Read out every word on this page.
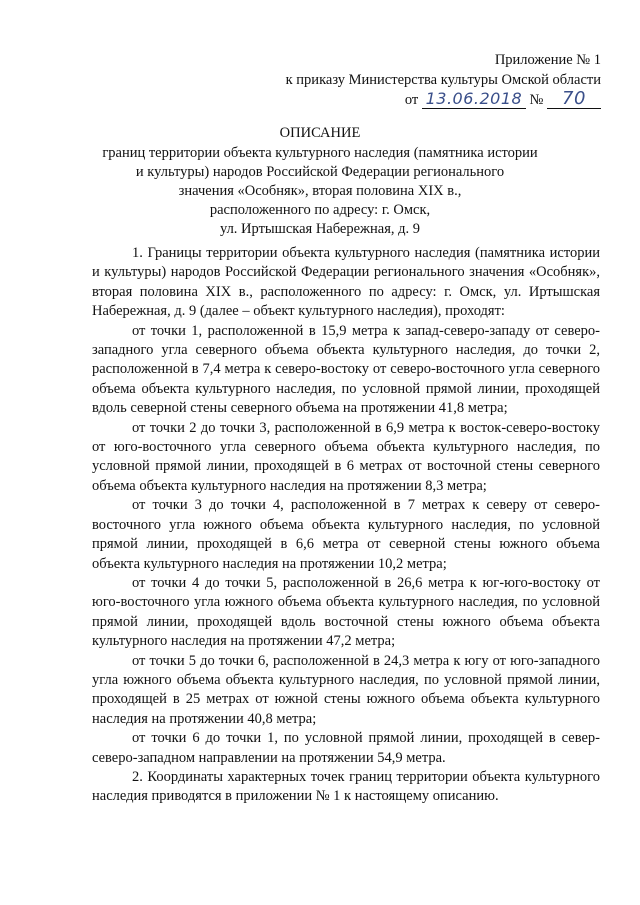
Приложение № 1
к приказу Министерства культуры Омской области
от 13.06.2018 № 70
ОПИСАНИЕ
границ территории объекта культурного наследия (памятника истории
и культуры) народов Российской Федерации регионального
значения «Особняк», вторая половина XIX в.,
расположенного по адресу: г. Омск,
ул. Иртышская Набережная, д. 9

1. Границы территории объекта культурного наследия (памятника истории и культуры) народов Российской Федерации регионального значения «Особняк», вторая половина XIX в., расположенного по адресу: г. Омск, ул. Иртышская Набережная, д. 9 (далее – объект культурного наследия), проходят:

от точки 1, расположенной в 15,9 метра к запад-северо-западу от северо-западного угла северного объема объекта культурного наследия, до точки 2, расположенной в 7,4 метра к северо-востоку от северо-восточного угла северного объема объекта культурного наследия, по условной прямой линии, проходящей вдоль северной стены северного объема на протяжении 41,8 метра;

от точки 2 до точки 3, расположенной в 6,9 метра к восток-северо-востоку от юго-восточного угла северного объема объекта культурного наследия, по условной прямой линии, проходящей в 6 метрах от восточной стены северного объема объекта культурного наследия на протяжении 8,3 метра;

от точки 3 до точки 4, расположенной в 7 метрах к северу от северо-восточного угла южного объема объекта культурного наследия, по условной прямой линии, проходящей в 6,6 метра от северной стены южного объема объекта культурного наследия на протяжении 10,2 метра;

от точки 4 до точки 5, расположенной в 26,6 метра к юг-юго-востоку от юго-восточного угла южного объема объекта культурного наследия, по условной прямой линии, проходящей вдоль восточной стены южного объема объекта культурного наследия на протяжении 47,2 метра;

от точки 5 до точки 6, расположенной в 24,3 метра к югу от юго-западного угла южного объема объекта культурного наследия, по условной прямой линии, проходящей в 25 метрах от южной стены южного объема объекта культурного наследия на протяжении 40,8 метра;

от точки 6 до точки 1, по условной прямой линии, проходящей в север-северо-западном направлении на протяжении 54,9 метра.

2. Координаты характерных точек границ территории объекта культурного наследия приводятся в приложении № 1 к настоящему описанию.
